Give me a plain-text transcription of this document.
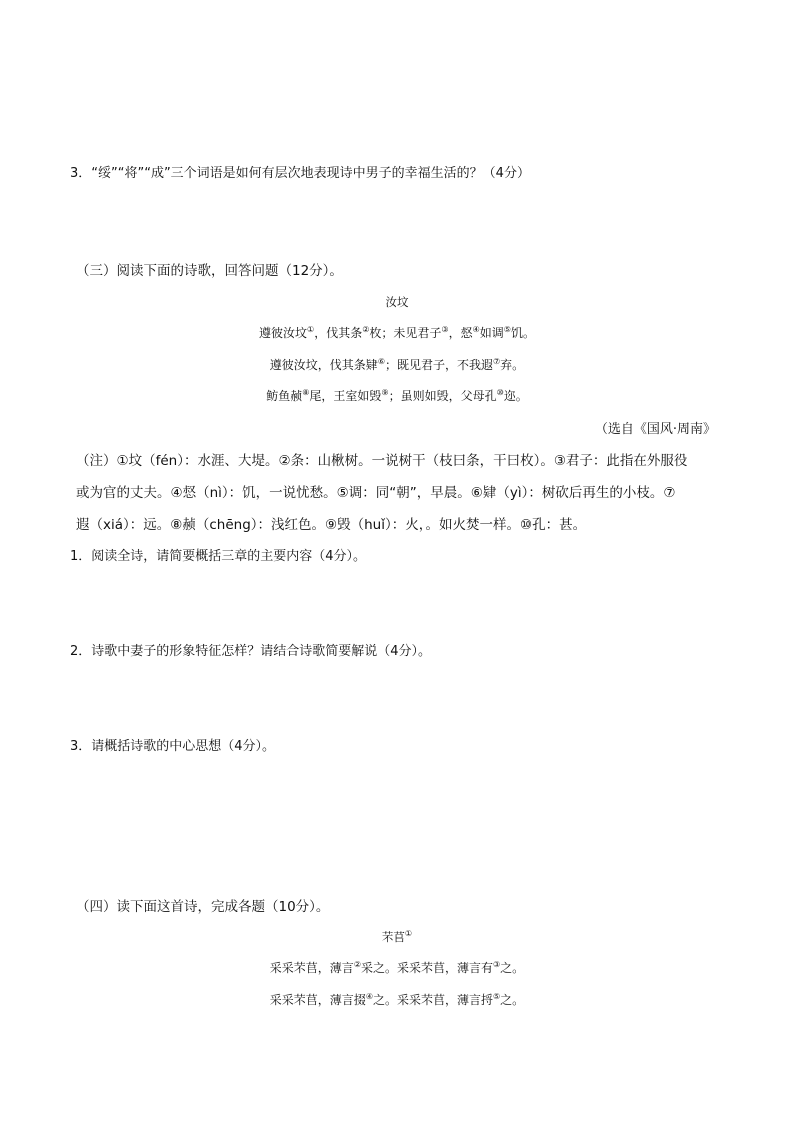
3．“绥”“将”“成”三个词语是如何有层次地表现诗中男子的幸福生活的？（4分）
（三）阅读下面的诗歌，回答问题（12分）。
汝坟
遵彼汝坟①，伐其条②枚；未见君子③，惄④如调⑤饥。
遵彼汝坟，伐其条肄⑥；既见君子，不我遐⑦弃。
鲂鱼赪⑧尾，王室如毁⑨；虽则如毁，父母孔⑩迩。
（选自《国风·周南》
（注）①坟（fén）：水涯、大堤。②条：山楸树。一说树干（枝曰条，干曰枚）。③君子：此指在外服役
或为官的丈夫。④惄（nì）：饥，一说忧愁。⑤调：同“朝”，早晨。⑥肄（yì）：树砍后再生的小枝。⑦
遐（xiá）：远。⑧赪（chēng）：浅红色。⑨毁（huǐ）：火，。如火焚一样。⑩孔：甚。
1．阅读全诗，请简要概括三章的主要内容（4分）。
2．诗歌中妻子的形象特征怎样？请结合诗歌简要解说（4分）。
3．请概括诗歌的中心思想（4分）。
（四）读下面这首诗，完成各题（10分）。
芣苢①
采采芣苢，薄言②采之。采采芣苢，薄言有③之。
采采芣苢，薄言掇④之。采采芣苢，薄言捋⑤之。
